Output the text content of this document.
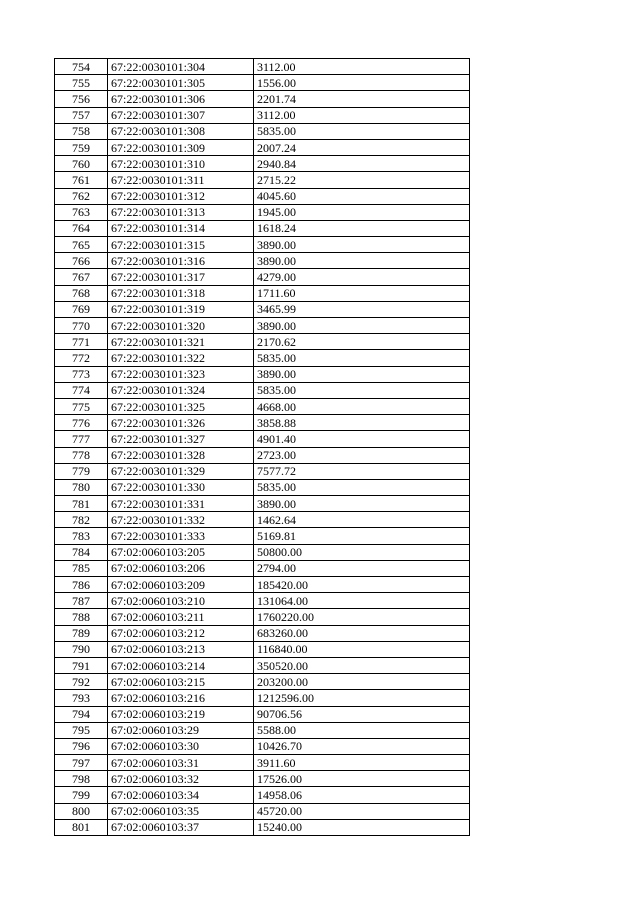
754	67:22:0030101:304	3112.00
755	67:22:0030101:305	1556.00
756	67:22:0030101:306	2201.74
757	67:22:0030101:307	3112.00
758	67:22:0030101:308	5835.00
759	67:22:0030101:309	2007.24
760	67:22:0030101:310	2940.84
761	67:22:0030101:311	2715.22
762	67:22:0030101:312	4045.60
763	67:22:0030101:313	1945.00
764	67:22:0030101:314	1618.24
765	67:22:0030101:315	3890.00
766	67:22:0030101:316	3890.00
767	67:22:0030101:317	4279.00
768	67:22:0030101:318	1711.60
769	67:22:0030101:319	3465.99
770	67:22:0030101:320	3890.00
771	67:22:0030101:321	2170.62
772	67:22:0030101:322	5835.00
773	67:22:0030101:323	3890.00
774	67:22:0030101:324	5835.00
775	67:22:0030101:325	4668.00
776	67:22:0030101:326	3858.88
777	67:22:0030101:327	4901.40
778	67:22:0030101:328	2723.00
779	67:22:0030101:329	7577.72
780	67:22:0030101:330	5835.00
781	67:22:0030101:331	3890.00
782	67:22:0030101:332	1462.64
783	67:22:0030101:333	5169.81
784	67:02:0060103:205	50800.00
785	67:02:0060103:206	2794.00
786	67:02:0060103:209	185420.00
787	67:02:0060103:210	131064.00
788	67:02:0060103:211	1760220.00
789	67:02:0060103:212	683260.00
790	67:02:0060103:213	116840.00
791	67:02:0060103:214	350520.00
792	67:02:0060103:215	203200.00
793	67:02:0060103:216	1212596.00
794	67:02:0060103:219	90706.56
795	67:02:0060103:29	5588.00
796	67:02:0060103:30	10426.70
797	67:02:0060103:31	3911.60
798	67:02:0060103:32	17526.00
799	67:02:0060103:34	14958.06
800	67:02:0060103:35	45720.00
801	67:02:0060103:37	15240.00
